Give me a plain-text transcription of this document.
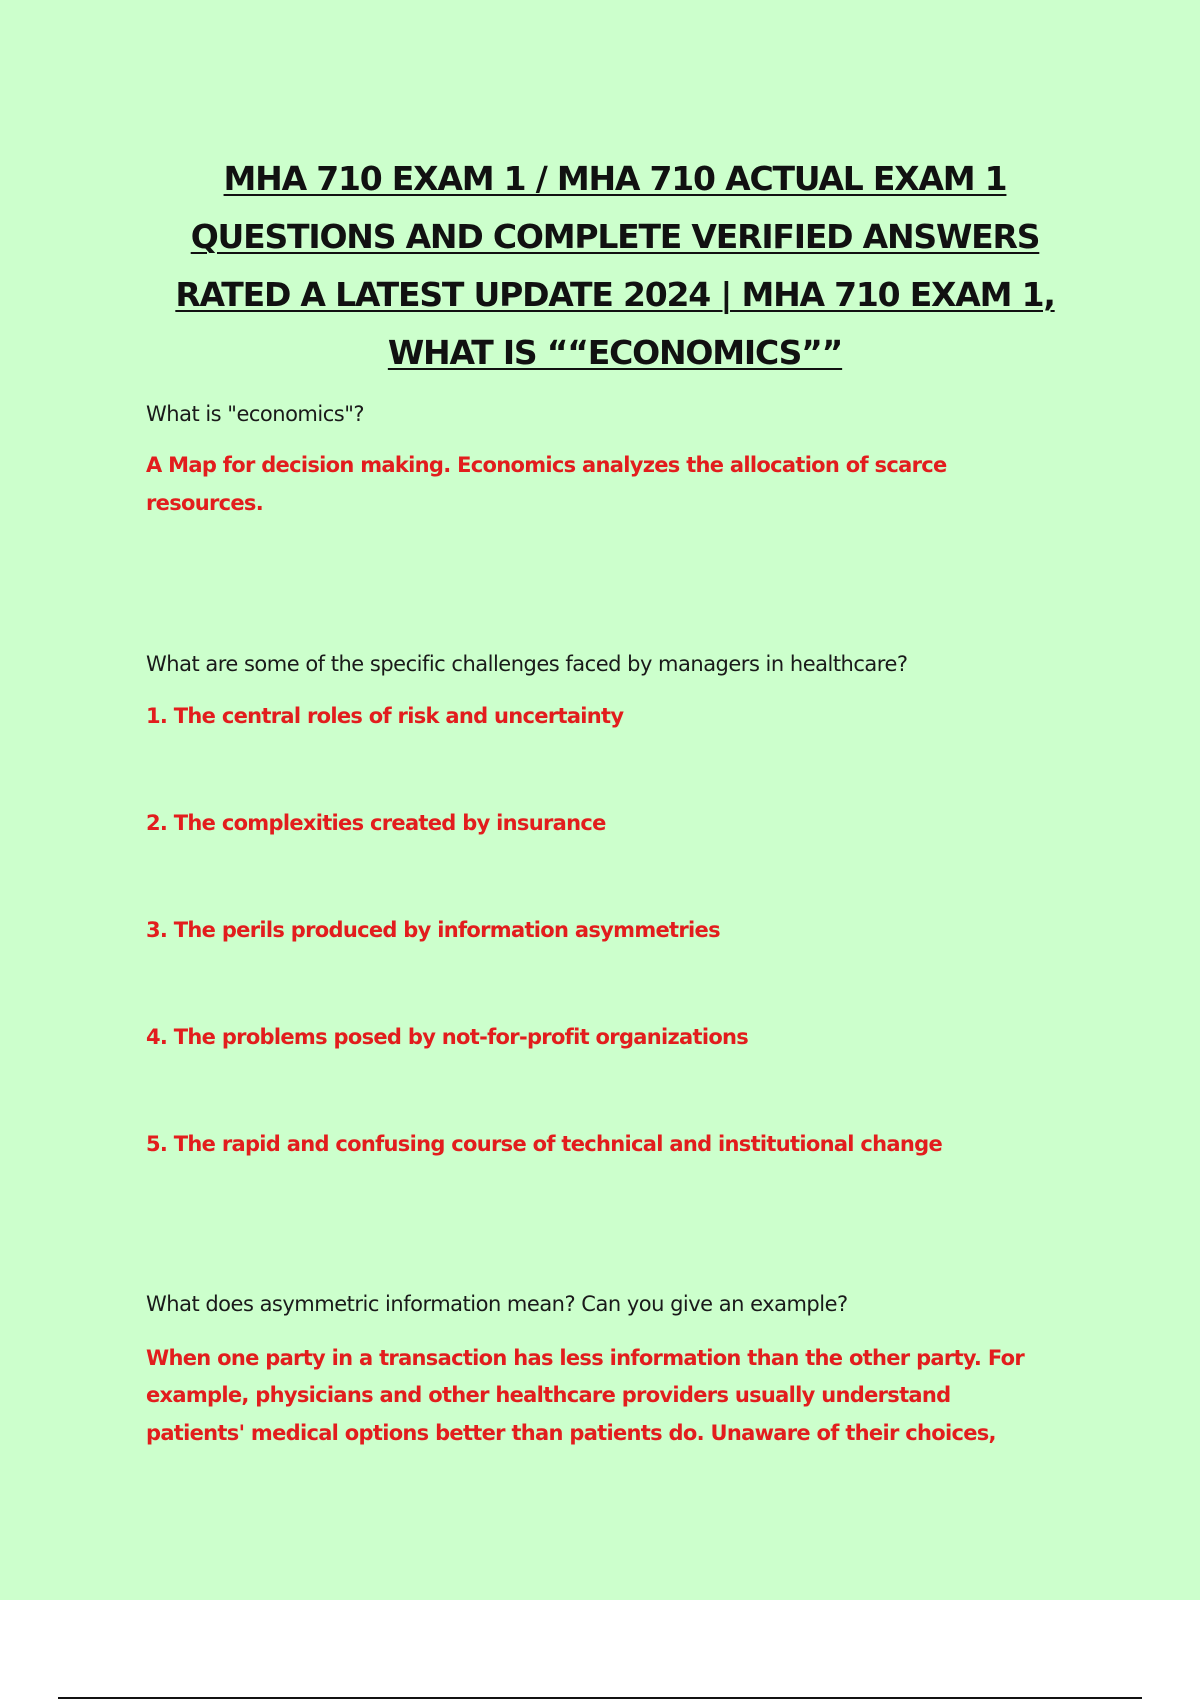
MHA 710 EXAM 1 / MHA 710 ACTUAL EXAM 1
QUESTIONS AND COMPLETE VERIFIED ANSWERS
RATED A LATEST UPDATE 2024 | MHA 710 EXAM 1,
WHAT IS ““ECONOMICS””

What is "economics"?

A Map for decision making. Economics analyzes the allocation of scarce

resources.

What are some of the specific challenges faced by managers in healthcare?

1. The central roles of risk and uncertainty

2. The complexities created by insurance

3. The perils produced by information asymmetries

4. The problems posed by not-for-profit organizations

5. The rapid and confusing course of technical and institutional change

What does asymmetric information mean? Can you give an example?

When one party in a transaction has less information than the other party. For

example, physicians and other healthcare providers usually understand

patients' medical options better than patients do. Unaware of their choices,
